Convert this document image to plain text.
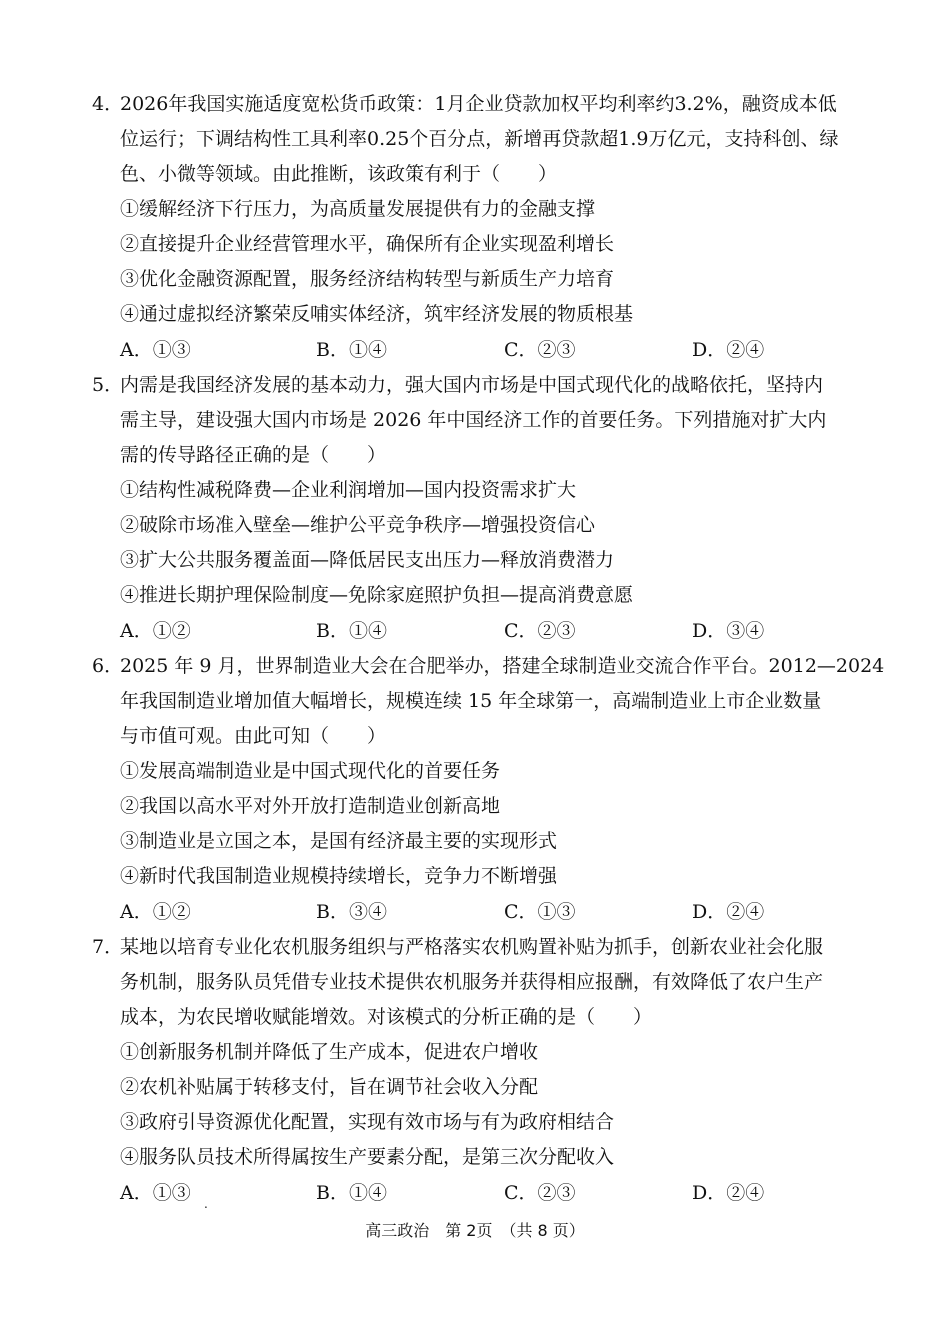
4．
2026年我国实施适度宽松货币政策：1月企业贷款加权平均利率约3.2%，融资成本低
位运行；下调结构性工具利率0.25个百分点，新增再贷款超1.9万亿元，支持科创、绿
色、小微等领域。由此推断，该政策有利于（　　）
①缓解经济下行压力，为高质量发展提供有力的金融支撑
②直接提升企业经营管理水平，确保所有企业实现盈利增长
③优化金融资源配置，服务经济结构转型与新质生产力培育
④通过虚拟经济繁荣反哺实体经济，筑牢经济发展的物质根基
A．①③	B．①④	C．②③	D．②④
5．
内需是我国经济发展的基本动力，强大国内市场是中国式现代化的战略依托，坚持内
需主导，建设强大国内市场是 2026 年中国经济工作的首要任务。下列措施对扩大内
需的传导路径正确的是（　　）
①结构性减税降费—企业利润增加—国内投资需求扩大
②破除市场准入壁垒—维护公平竞争秩序—增强投资信心
③扩大公共服务覆盖面—降低居民支出压力—释放消费潜力
④推进长期护理保险制度—免除家庭照护负担—提高消费意愿
A．①②	B．①④	C．②③	D．③④
6．
2025 年 9 月，世界制造业大会在合肥举办，搭建全球制造业交流合作平台。2012—2024
年我国制造业增加值大幅增长，规模连续 15 年全球第一，高端制造业上市企业数量
与市值可观。由此可知（　　）
①发展高端制造业是中国式现代化的首要任务
②我国以高水平对外开放打造制造业创新高地
③制造业是立国之本，是国有经济最主要的实现形式
④新时代我国制造业规模持续增长，竞争力不断增强
A．①②	B．③④	C．①③	D．②④
7．
某地以培育专业化农机服务组织与严格落实农机购置补贴为抓手，创新农业社会化服
务机制，服务队员凭借专业技术提供农机服务并获得相应报酬，有效降低了农户生产
成本，为农民增收赋能增效。对该模式的分析正确的是（　　）
①创新服务机制并降低了生产成本，促进农户增收
②农机补贴属于转移支付，旨在调节社会收入分配
③政府引导资源优化配置，实现有效市场与有为政府相结合
④服务队员技术所得属按生产要素分配，是第三次分配收入
A．①③ .	B．①④	C．②③	D．②④
高三政治　第 2页　（共 8 页）
